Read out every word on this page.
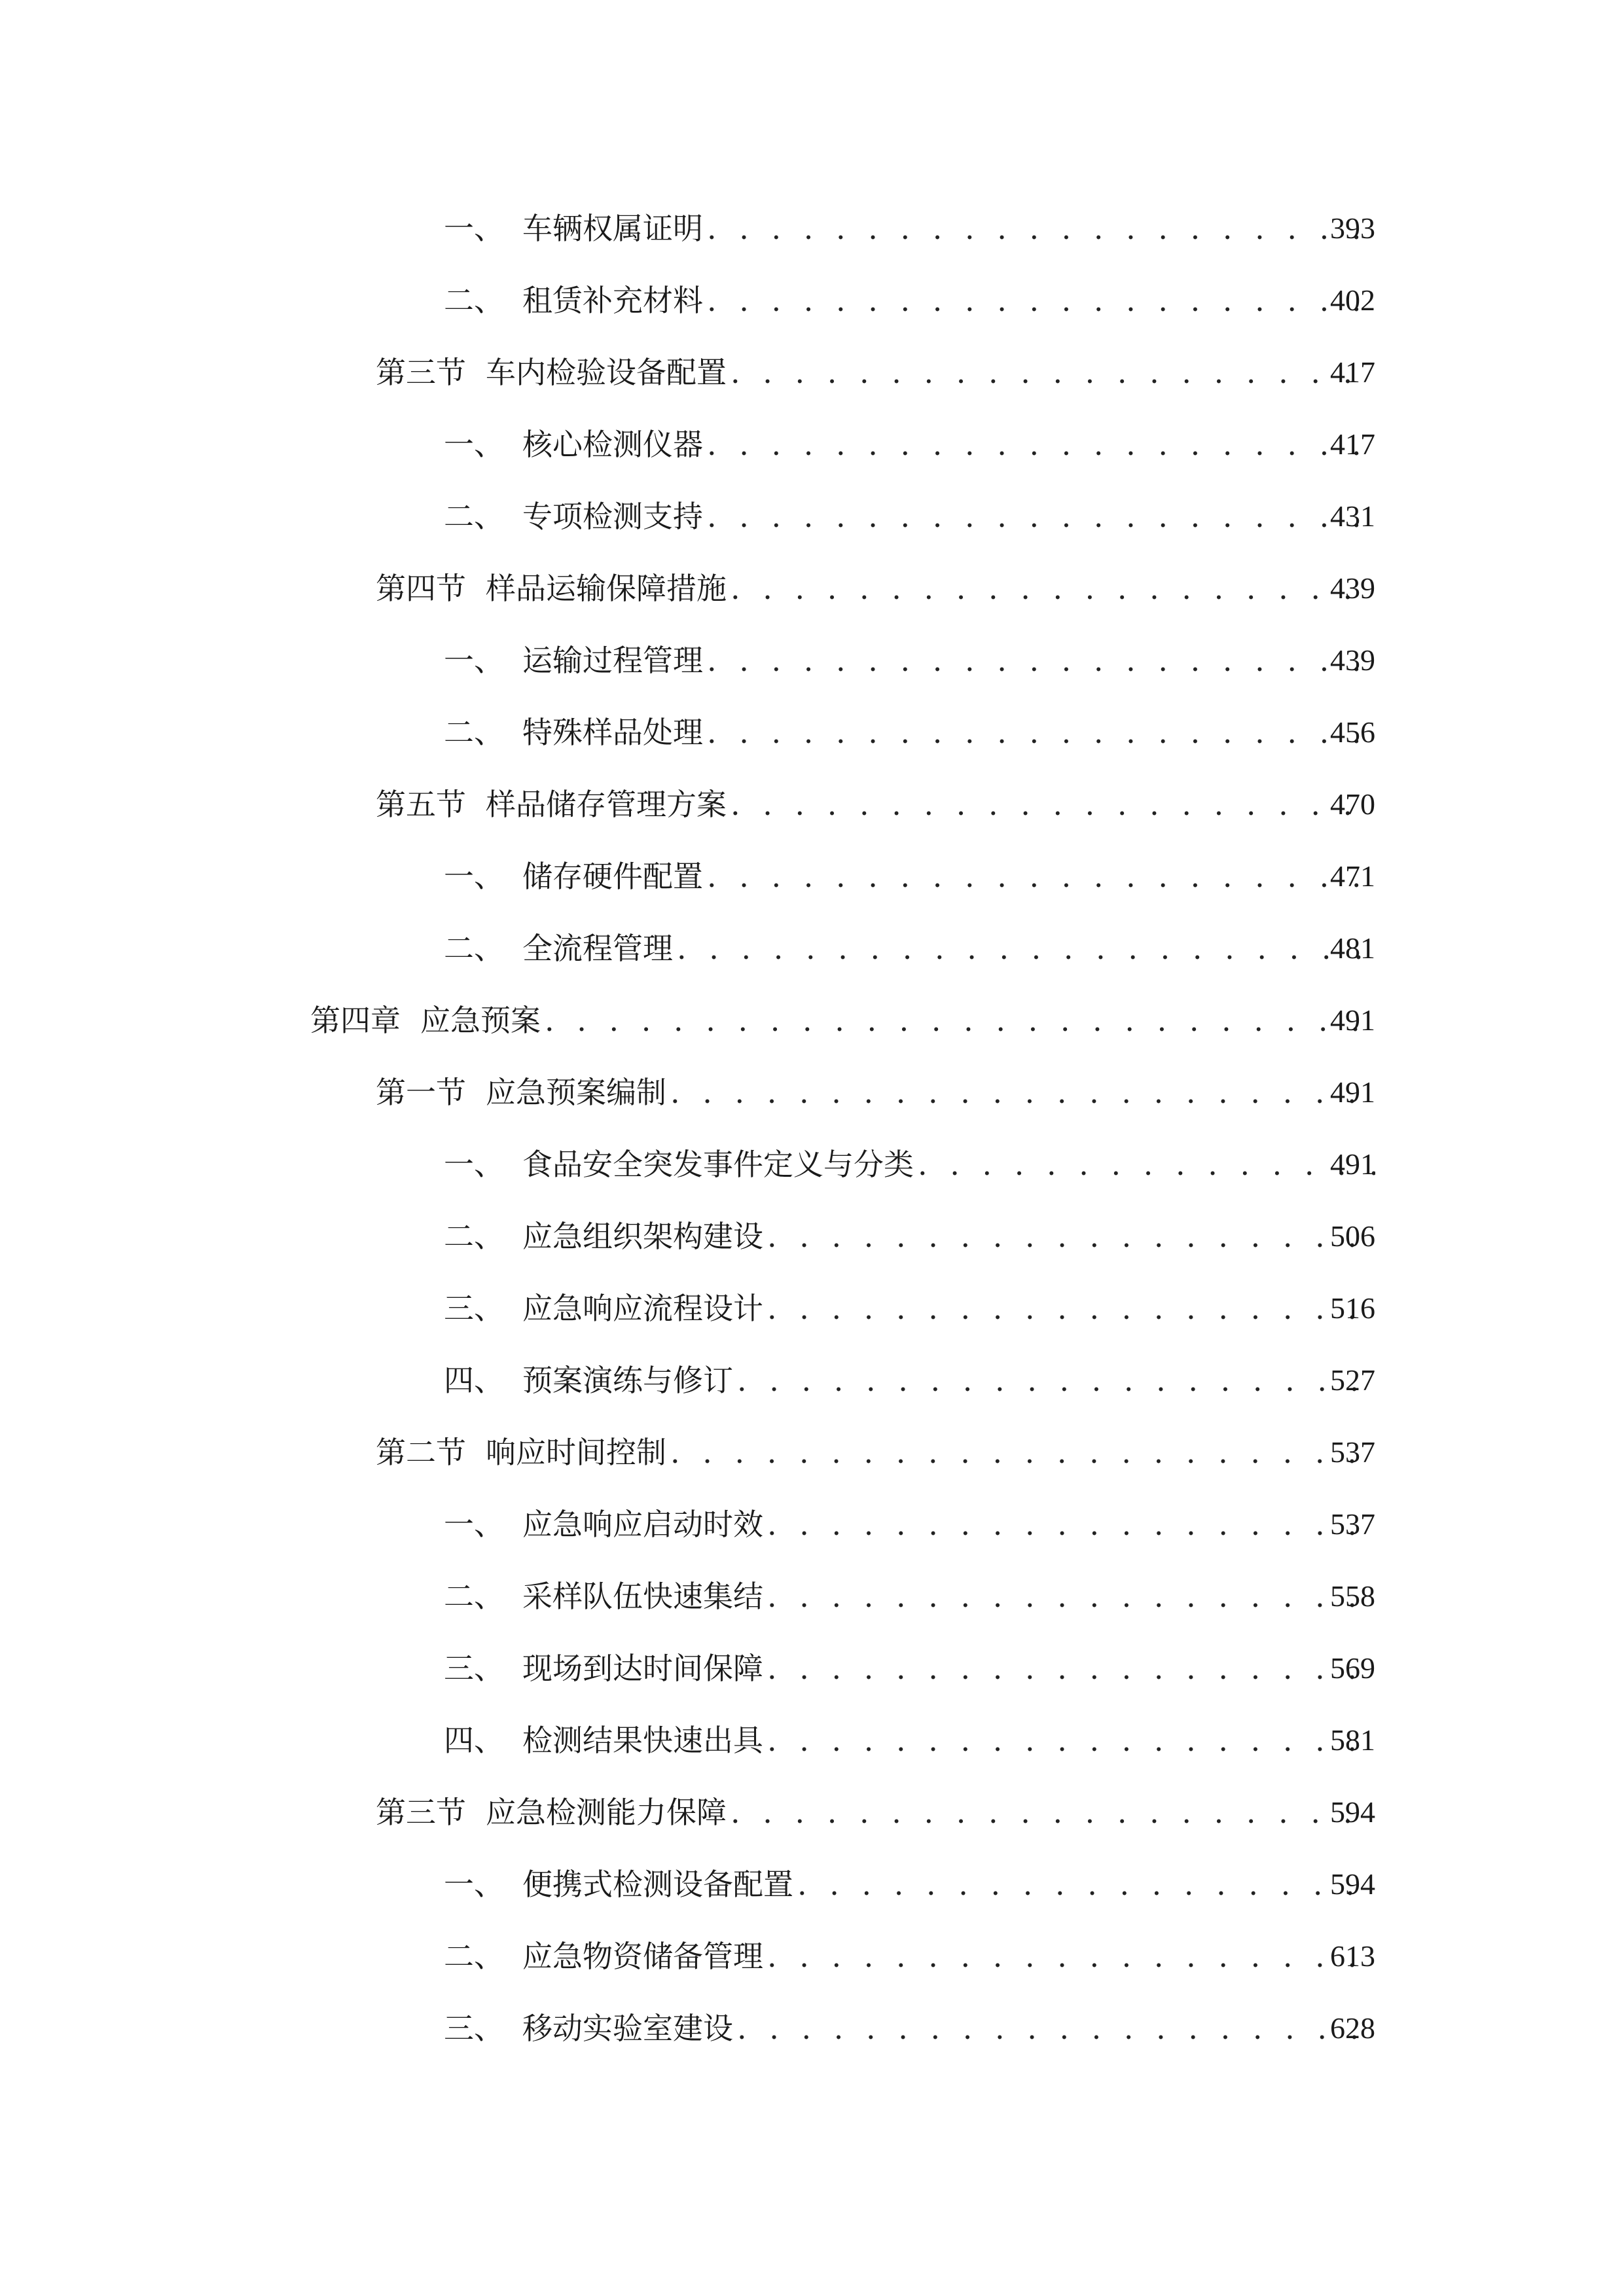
一、 车辆权属证明 . . .	393
二、 租赁补充材料 . . .	402
第三节 车内检验设备配置 . . .	417
一、 核心检测仪器 . . .	417
二、 专项检测支持 . . .	431
第四节 样品运输保障措施 . . .	439
一、 运输过程管理 . . .	439
二、 特殊样品处理 . . .	456
第五节 样品储存管理方案 . . .	470
一、 储存硬件配置 . . .	471
二、 全流程管理 . . .	481
第四章 应急预案 . . .	491
第一节 应急预案编制 . . .	491
一、 食品安全突发事件定义与分类 . . .	491
二、 应急组织架构建设 . . .	506
三、 应急响应流程设计 . . .	516
四、 预案演练与修订 . . .	527
第二节 响应时间控制 . . .	537
一、 应急响应启动时效 . . .	537
二、 采样队伍快速集结 . . .	558
三、 现场到达时间保障 . . .	569
四、 检测结果快速出具 . . .	581
第三节 应急检测能力保障 . . .	594
一、 便携式检测设备配置 . . .	594
二、 应急物资储备管理 . . .	613
三、 移动实验室建设 . . .	628
